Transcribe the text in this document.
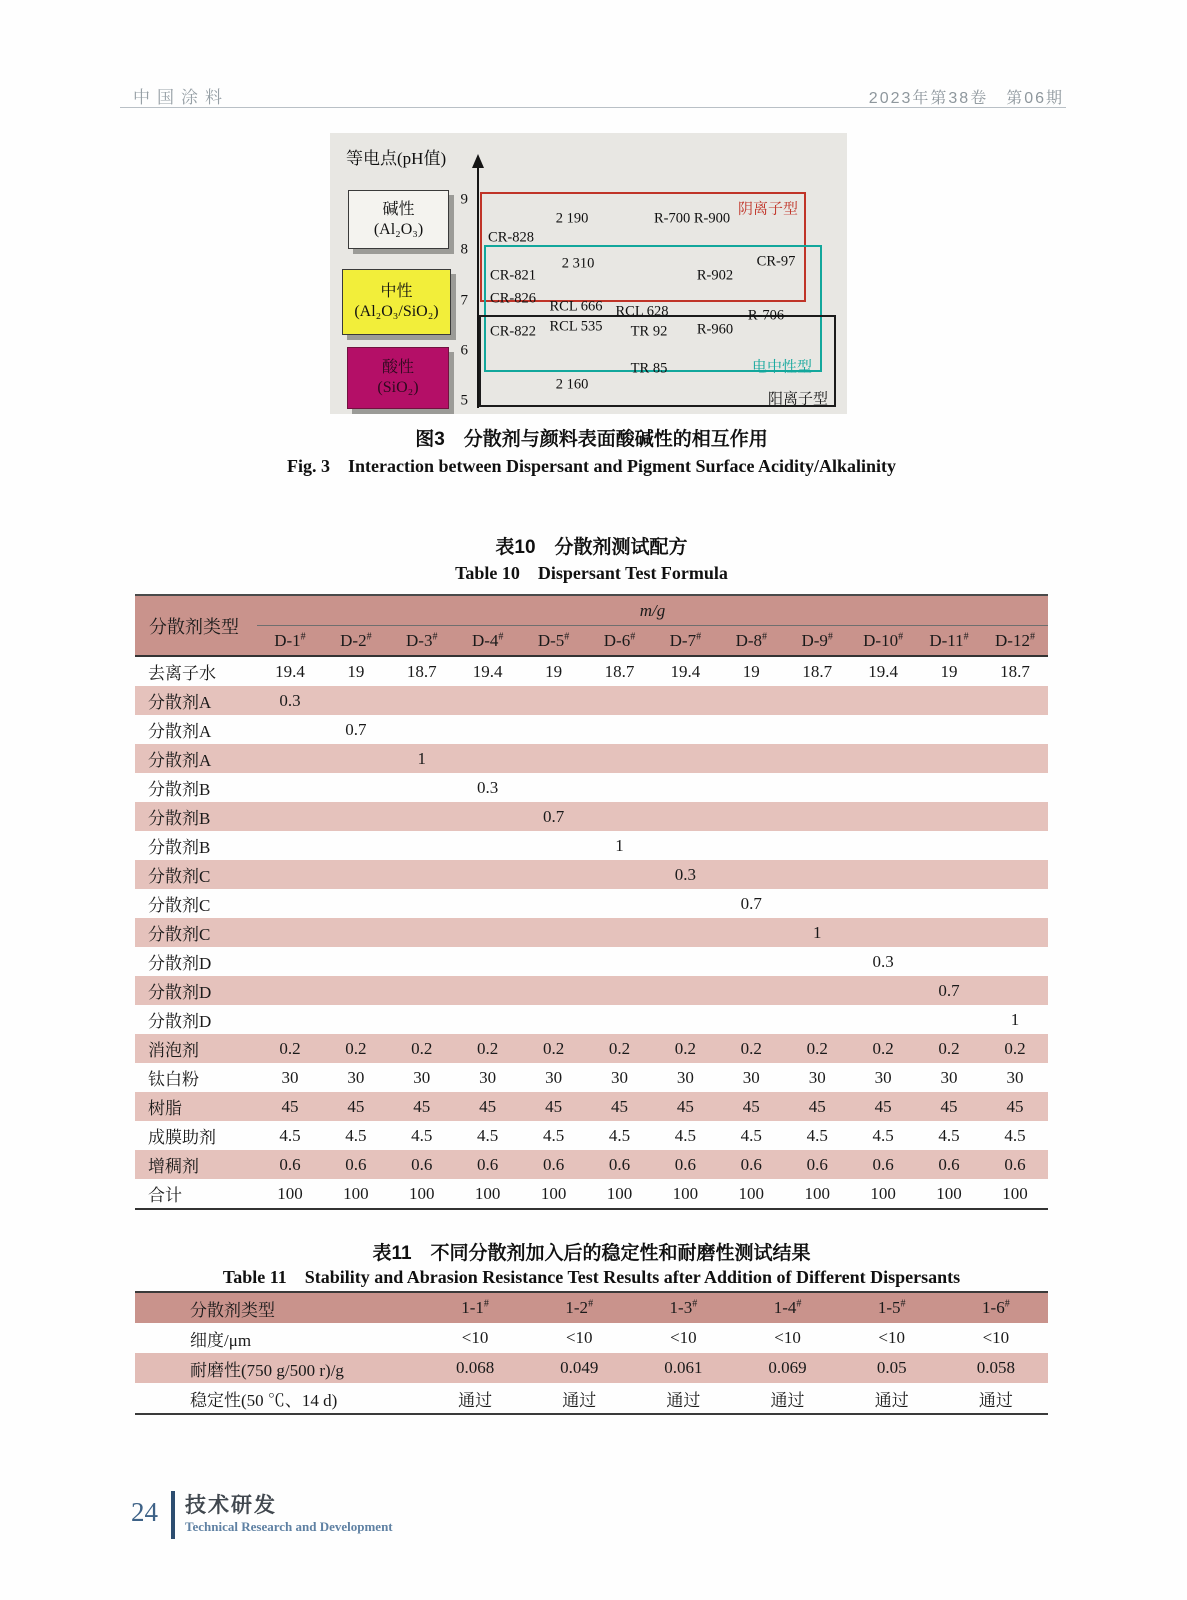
中国涂料	2023年第38卷　第06期
等电点(pH值)
碱性
(Al₂O₃)
中性
(Al₂O₃/SiO₂)
酸性
(SiO₂)
9
8
7
6
5
阴离子型
电中性型
阳离子型
2 190	R-700 R-900
CR-828
2 310	CR-97
CR-821	R-902
CR-826
RCL 666 RCL 628	R-706
RCL 535
CR-822	TR 92 R-960
TR 85
2 160
图3　分散剂与颜料表面酸碱性的相互作用
Fig. 3　Interaction between Dispersant and Pigment Surface Acidity/Alkalinity
表10　分散剂测试配方
Table 10　Dispersant Test Formula
分散剂类型	m/g											
	D-1#	D-2#	D-3#	D-4#	D-5#	D-6#	D-7#	D-8#	D-9#	D-10#	D-11#	D-12#
去离子水	19.4	19	18.7	19.4	19	18.7	19.4	19	18.7	19.4	19	18.7
分散剂A	0.3											
分散剂A		0.7										
分散剂A			1									
分散剂B				0.3								
分散剂B					0.7							
分散剂B						1						
分散剂C							0.3					
分散剂C								0.7				
分散剂C									1			
分散剂D										0.3		
分散剂D											0.7	
分散剂D												1
消泡剂	0.2	0.2	0.2	0.2	0.2	0.2	0.2	0.2	0.2	0.2	0.2	0.2
钛白粉	30	30	30	30	30	30	30	30	30	30	30	30
树脂	45	45	45	45	45	45	45	45	45	45	45	45
成膜助剂	4.5	4.5	4.5	4.5	4.5	4.5	4.5	4.5	4.5	4.5	4.5	4.5
增稠剂	0.6	0.6	0.6	0.6	0.6	0.6	0.6	0.6	0.6	0.6	0.6	0.6
合计	100	100	100	100	100	100	100	100	100	100	100	100
表11　不同分散剂加入后的稳定性和耐磨性测试结果
Table 11　Stability and Abrasion Resistance Test Results after Addition of Different Dispersants
分散剂类型	1-1#	1-2#	1-3#	1-4#	1-5#	1-6#
细度/μm	<10	<10	<10	<10	<10	<10
耐磨性(750 g/500 r)/g	0.068	0.049	0.061	0.069	0.05	0.058
稳定性(50 ℃、14 d)	通过	通过	通过	通过	通过	通过
24 技术研发
Technical Research and Development
